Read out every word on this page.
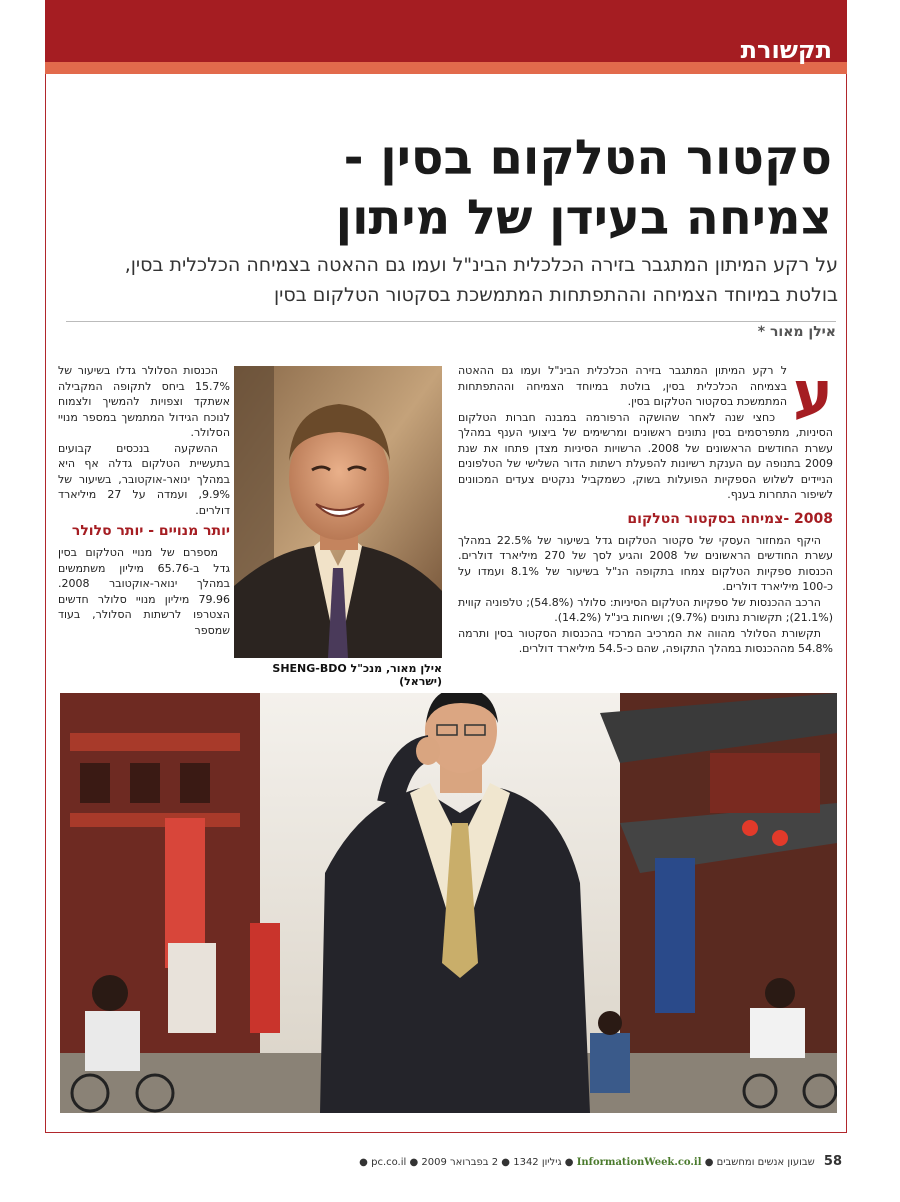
תקשורת
סקטור הטלקום בסין -
צמיחה בעידן של מיתון
על רקע המיתון המתגבר בזירה הכלכלית הבינ"ל ועמו גם ההאטה בצמיחה הכלכלית בסין,
בולטת במיוחד הצמיחה וההתפתחות המתמשכת בסקטור הטלקום בסין
אילן מאור *
ע

ל רקע המיתון המתגבר בזירה הכלכלית הבינ"ל ועמו גם ההאטה בצמיחה הכלכלית בסין, בולטת במיוחד הצמיחה וההתפתחות המתמשכת בסקטור הטלקום בסין.

כחצי שנה לאחר שהושקה הרפורמה במבנה חברות הטלקום הסיניות, מתפרסמים בסין נתונים ראשונים ומרשימים של ביצועי הענף במהלך עשרת החודשים הראשונים של 2008. הרשויות הסיניות מצדן פתחו את שנת 2009 בתנופה עם הענקת רשיונות להפעלת רשתות הדור השלישי של הטלפונים הניידים לשלוש הספקיות הפועלות בשוק, כשמקביל ננקטים צעדים המכוונים לשיפור התחרות בענף.

2008 -צמיחה בסקטור הטלקום

היקף המחזור העסקי של סקטור הטלקום גדל בשיעור של 22.5% במהלך עשרת החודשים הראשונים של 2008 והגיע לסך של 270 מיליארד דולרים. הכנסות ספקיות הטלקום צמחו בתקופה הנ"ל בשיעור של 8.1% ועמדו על כ-100 מיליארד דולרים.

הרכב ההכנסות של ספקיות הטלקום הסיניות: סלולר (54.8%); טלפוניה קווית (21.1%); תקשורת נתונים (9.7%); ושיחות בינ"ל (14.2%).

תקשורת הסלולר מהווה את המרכיב המרכזי בהכנסות הסקטור בסין ותרמה 54.8% מההכנסות במהלך התקופה, שהם כ-54.5 מיליארד דולרים.

אילן מאור, מנכ"ל SHENG-BDO (ישראל)

הכנסות הסלולר גדלו בשיעור של 15.7% ביחס לתקופה המקבילה אשתקד וצפויות להמשיך ולצמוח לנוכח הגידול המתמשך במספר מנויי הסלולר.

ההשקעה בנכסים קבועים בתעשיית הטלקום גדלה אף היא במהלך ינואר-אוקטובר, בשיעור של 9.9%, ועמדה על 27 מיליארד דולרים.

יותר מנויים - יותר סלולר

מספרם של מנויי הטלקום בסין גדל ב-65.76 מיליון משתמשים במהלך ינואר-אוקטובר 2008. 79.96 מיליון מנויי סלולר חדשים הצטרפו לרשתות הסלולר, בעוד שמספר

58 שבועון אנשים ומחשבים ● InformationWeek.co.il ● גיליון 1342 ● 2 בפברואר 2009 ● pc.co.il ●
